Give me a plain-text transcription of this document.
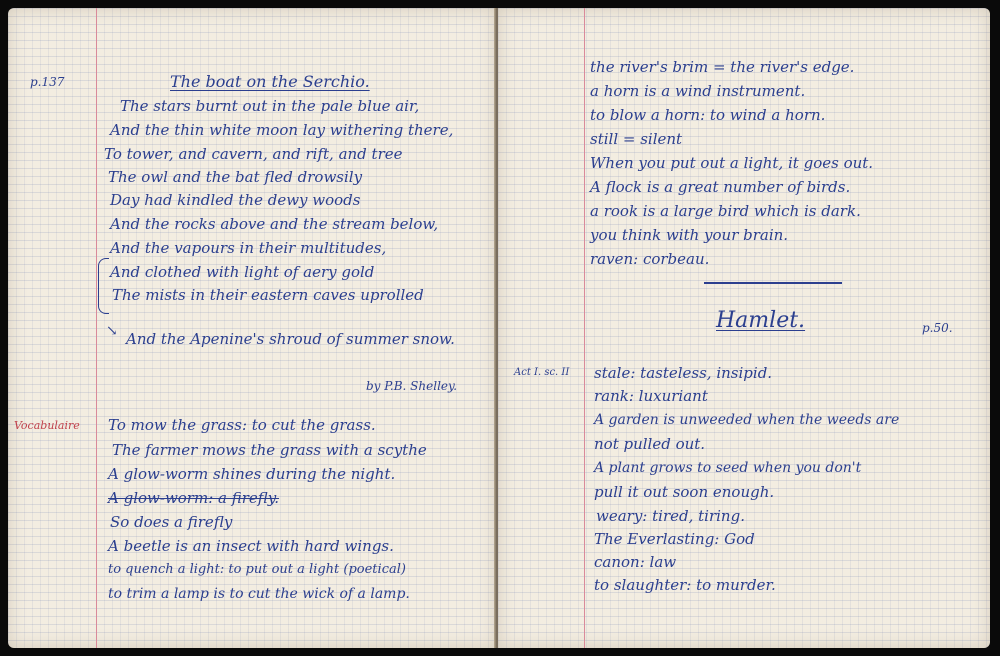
p.137	The boat on the Serchio.
The stars burnt out in the pale blue air,
And the thin white moon lay withering there,
To tower, and cavern, and rift, and tree
The owl and the bat fled drowsily
Day had kindled the dewy woods
And the rocks above and the stream below,
And the vapours in their multitudes,
And clothed with light of aery gold
The mists in their eastern caves uprolled
↘ And the Apenine's shroud of summer snow.
by P.B. Shelley.
Vocabulaire To mow the grass: to cut the grass.
The farmer mows the grass with a scythe
A glow-worm shines during the night.
A glow-worm: a firefly.
So does a firefly
A beetle is an insect with hard wings.
to quench a light: to put out a light (poetical)
to trim a lamp is to cut the wick of a lamp.
the river's brim = the river's edge.
a horn is a wind instrument.
to blow a horn: to wind a horn.
still = silent
When you put out a light, it goes out.
A flock is a great number of birds.
a rook is a large bird which is dark.
you think with your brain.
raven: corbeau.
Hamlet.	p.50.
Act I. sc. II stale: tasteless, insipid.
rank: luxuriant
A garden is unweeded when the weeds are
not pulled out.
A plant grows to seed when you don't
pull it out soon enough.
weary: tired, tiring.
The Everlasting: God
canon: law
to slaughter: to murder.
